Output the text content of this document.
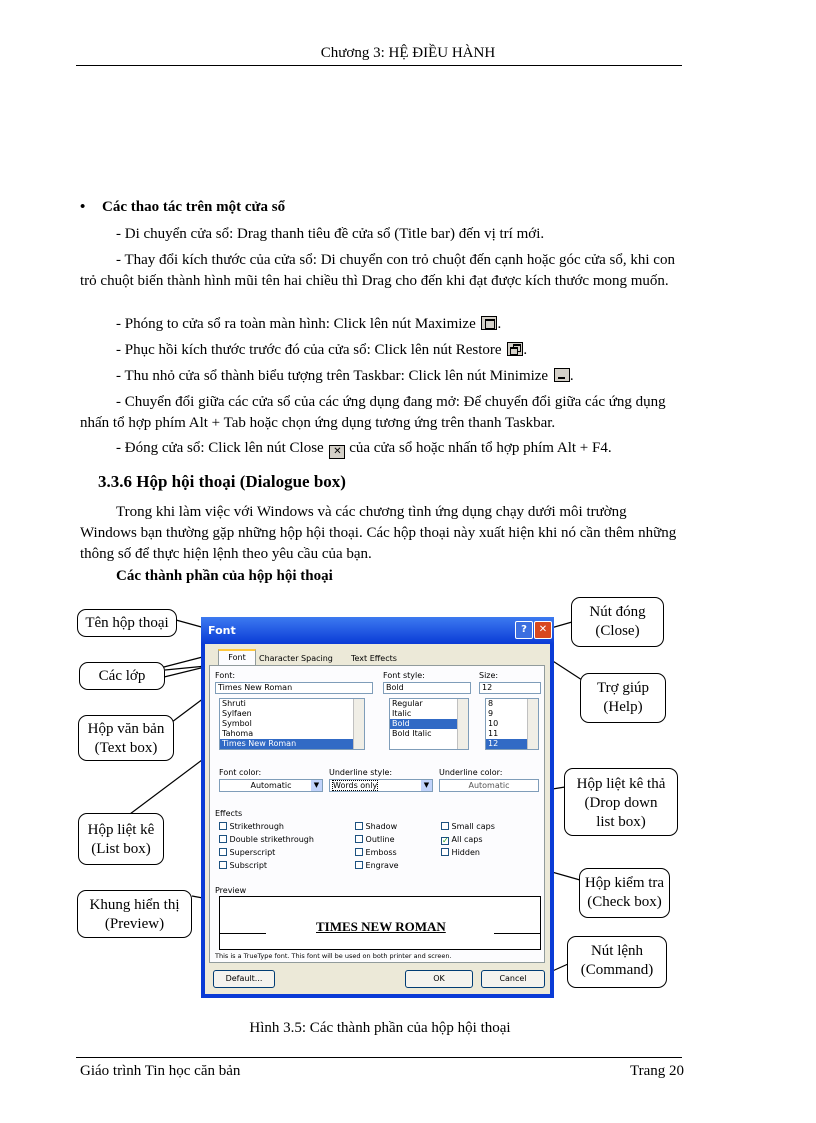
Chương 3: HỆ ĐIỀU HÀNH
• Các thao tác trên một cửa sổ
- Di chuyển cửa sổ: Drag thanh tiêu đề cửa sổ (Title bar) đến vị trí mới.
- Thay đổi kích thước của cửa sổ: Di chuyển con trỏ chuột đến cạnh hoặc góc cửa sổ, khi con trỏ chuột biến thành hình mũi tên hai chiều thì Drag cho đến khi đạt được kích thước mong muốn.
- Phóng to cửa sổ ra toàn màn hình: Click lên nút Maximize .
- Phục hồi kích thước trước đó của cửa sổ: Click lên nút Restore .
- Thu nhỏ cửa sổ thành biểu tượng trên Taskbar: Click lên nút Minimize .
- Chuyển đổi giữa các cửa sổ của các ứng dụng đang mở: Để chuyển đổi giữa các ứng dụng nhấn tổ hợp phím Alt + Tab hoặc chọn ứng dụng tương ứng trên thanh Taskbar.
- Đóng cửa sổ: Click lên nút Close ✕ của cửa sổ hoặc nhấn tổ hợp phím Alt + F4.
3.3.6 Hộp hội thoại (Dialogue box)
Trong khi làm việc với Windows và các chương tình ứng dụng chạy dưới môi trường Windows bạn thường gặp những hộp hội thoại. Các hộp thoại này xuất hiện khi nó cần thêm những thông số để thực hiện lệnh theo yêu cầu của bạn.
Các thành phần của hộp hội thoại
Tên hộp thoại
Các lớp
Hộp văn bản
(Text box)
Hộp liệt kê
(List box)
Khung hiển thị
(Preview)
Nút đóng
(Close)
Trợ giúp
(Help)
Hộp liệt kê thả
(Drop down
list box)
Hộp kiểm tra
(Check box)
Nút lệnh
(Command)
Font	?	✕
Font	Character Spacing	Text Effects
Font:
Times New Roman
Shruti
Sylfaen
Symbol
Tahoma
Times New Roman
Font style:
Bold
Regular
Italic
Bold
Bold Italic
Size:
12
8
9
10
11
12
Font color:
Automatic	▼
Underline style:
Words only	▼
Underline color:
Automatic
Effects
Strikethrough
Double strikethrough
Superscript
Subscript
Shadow
Outline
Emboss
Engrave
Small caps
✓ All caps
Hidden
Preview
TIMES NEW ROMAN
This is a TrueType font. This font will be used on both printer and screen.
Default...	OK	Cancel
Hình 3.5: Các thành phần của hộp hội thoại
Giáo trình Tin học căn bản	Trang 20
